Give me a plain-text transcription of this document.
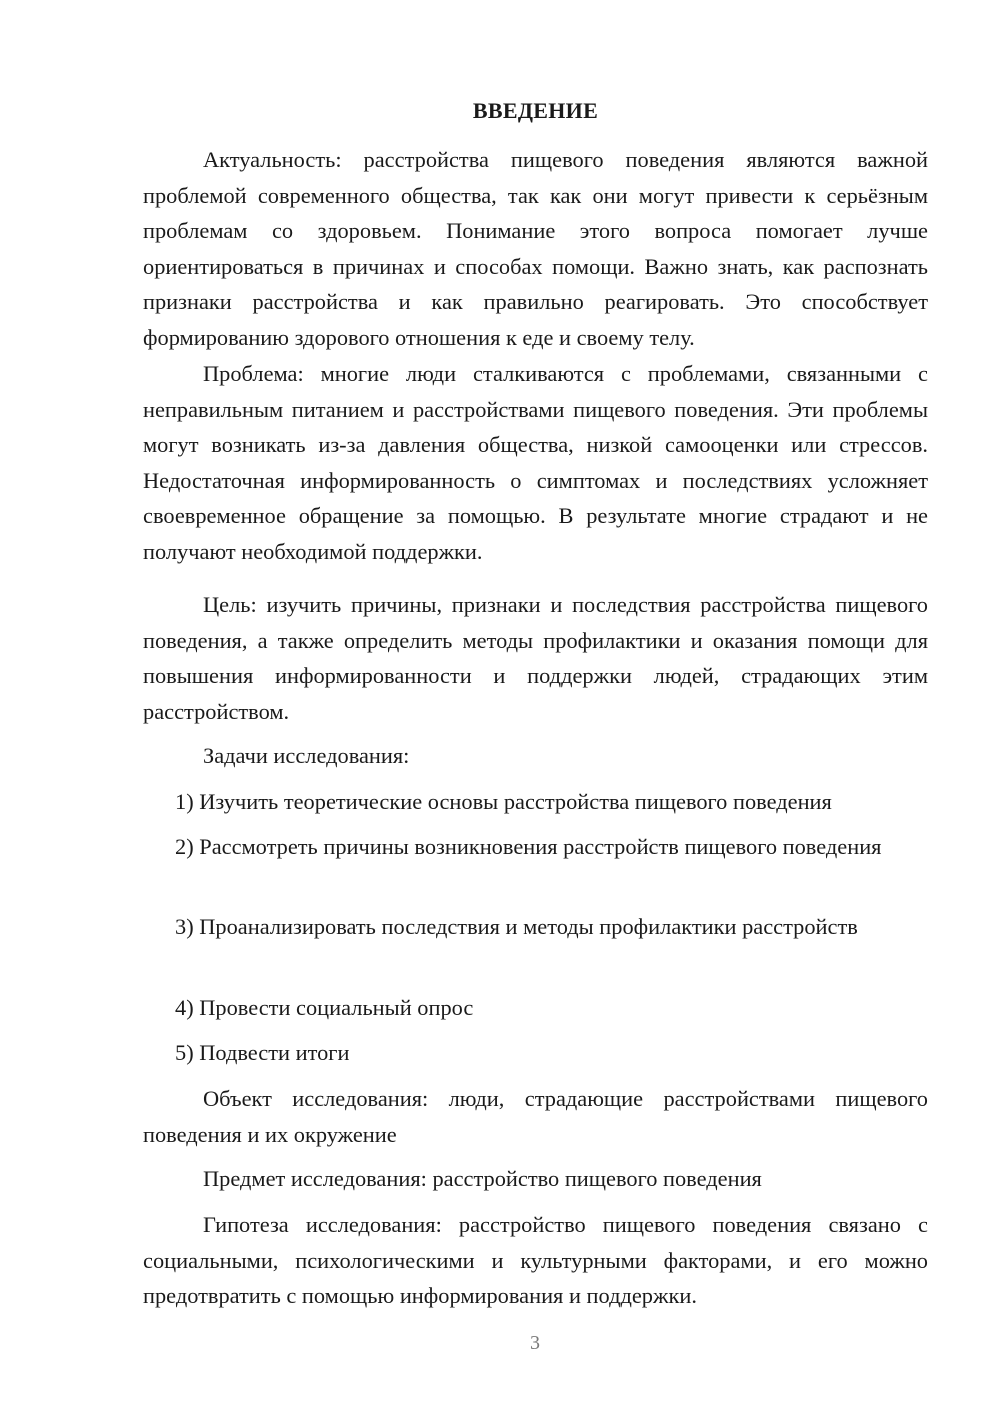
ВВЕДЕНИЕ

Актуальность: расстройства пищевого поведения являются важной проблемой современного общества, так как они могут привести к серьёзным проблемам со здоровьем. Понимание этого вопроса помогает лучше ориентироваться в причинах и способах помощи. Важно знать, как распознать признаки расстройства и как правильно реагировать. Это способствует формированию здорового отношения к еде и своему телу.

Проблема: многие люди сталкиваются с проблемами, связанными с неправильным питанием и расстройствами пищевого поведения. Эти проблемы могут возникать из-за давления общества, низкой самооценки или стрессов. Недостаточная информированность о симптомах и последствиях усложняет своевременное обращение за помощью. В результате многие страдают и не получают необходимой поддержки.

Цель: изучить причины, признаки и последствия расстройства пищевого поведения, а также определить методы профилактики и оказания помощи для повышения информированности и поддержки людей, страдающих этим расстройством.

Задачи исследования:

1) Изучить теоретические основы расстройства пищевого поведения

2) Рассмотреть причины возникновения расстройств пищевого поведения

3) Проанализировать последствия и методы профилактики расстройств

4) Провести социальный опрос

5) Подвести итоги

Объект исследования: люди, страдающие расстройствами пищевого поведения и их окружение

Предмет исследования: расстройство пищевого поведения

Гипотеза исследования: расстройство пищевого поведения связано с социальными, психологическими и культурными факторами, и его можно предотвратить с помощью информирования и поддержки.

3
